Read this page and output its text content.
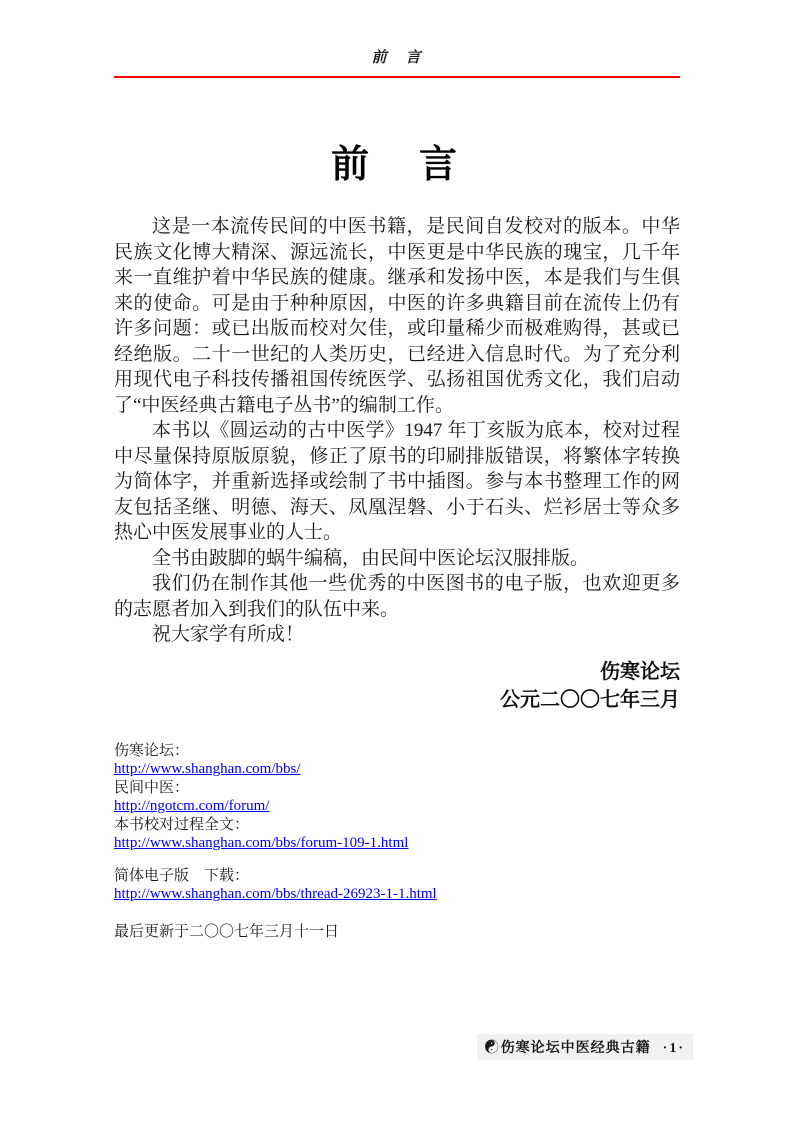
前　言
前　言

这是一本流传民间的中医书籍，是民间自发校对的版本。中华民族文化博大精深、源远流长，中医更是中华民族的瑰宝，几千年来一直维护着中华民族的健康。继承和发扬中医，本是我们与生俱来的使命。可是由于种种原因，中医的许多典籍目前在流传上仍有许多问题：或已出版而校对欠佳，或印量稀少而极难购得，甚或已经绝版。二十一世纪的人类历史，已经进入信息时代。为了充分利用现代电子科技传播祖国传统医学、弘扬祖国优秀文化，我们启动了“中医经典古籍电子丛书”的编制工作。

本书以《圆运动的古中医学》1947 年丁亥版为底本，校对过程中尽量保持原版原貌，修正了原书的印刷排版错误，将繁体字转换为简体字，并重新选择或绘制了书中插图。参与本书整理工作的网友包括圣继、明德、海天、凤凰涅磐、小于石头、烂衫居士等众多热心中医发展事业的人士。

全书由跛脚的蜗牛编稿，由民间中医论坛汉服排版。

我们仍在制作其他一些优秀的中医图书的电子版，也欢迎更多的志愿者加入到我们的队伍中来。

祝大家学有所成！

伤寒论坛
公元二〇〇七年三月
伤寒论坛：
http://www.shanghan.com/bbs/
民间中医：
http://ngotcm.com/forum/
本书校对过程全文：
http://www.shanghan.com/bbs/forum-109-1.html
简体电子版　下载：
http://www.shanghan.com/bbs/thread-26923-1-1.html
最后更新于二〇〇七年三月十一日
☯伤寒论坛中医经典古籍 ·1·
